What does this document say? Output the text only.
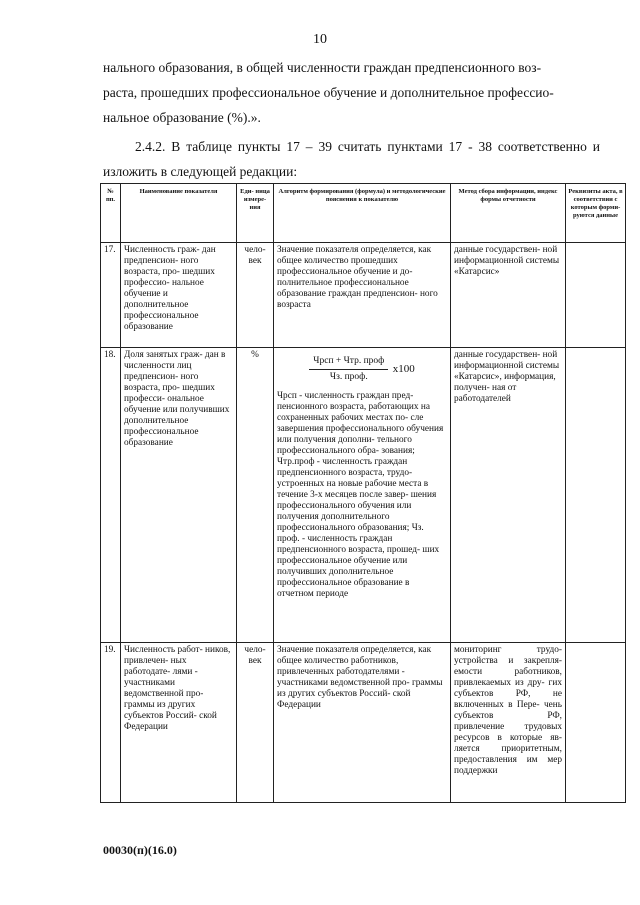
10

нального образования, в общей численности граждан предпенсионного воз-

раста, прошедших профессиональное обучение и дополнительное профессио-

нальное образование (%).».

2.4.2. В таблице пункты 17 – 39 считать пунктами 17 - 38 соответственно и изложить в следующей редакции:

№ пп.	Наименование показателя	Еди- ница измере- ния	Алгоритм формирования (формула) и методологические пояснения к показателю	Метод сбора информации, индекс формы отчетности	Реквизиты акта, в соответствии с которым форми- руются данные
17.	Численность граж- дан предпенсион- ного возраста, про- шедших профессио- нальное обучение и дополнительное профессиональное образование	чело- век	Значение показателя определяется, как общее количество прошедших профессиональное обучение и до- полнительное профессиональное образование граждан предпенсион- ного возраста	данные государствен- ной информационной системы «Катарсис»	
18.	Доля занятых граж- дан в численности лиц предпенсион- ного возраста, про- шедших професси- ональное обучение или получивших дополнительное профессиональное образование	%	$\frac{\text{Чрсп + Чтр. проф}}{\text{Чз. проф.}} x100$
Чрсп - численность граждан пред- пенсионного возраста, работающих на сохраненных рабочих местах по- сле завершения профессионального обучения или получения дополни- тельного профессионального обра- зования; Чтр.проф - численность граждан предпенсионного возраста, трудо- устроенных на новые рабочие места в течение 3-х месяцев после завер- шения профессионального обучения или получения дополнительного профессионального образования; Чз. проф. - численность граждан предпенсионного возраста, прошед- ших профессиональное обучение или получивших дополнительное профессиональное образование в отчетном периоде	данные государствен- ной информационной системы «Катарсис», информация, получен- ная от работодателей	
19.	Численность работ- ников, привлечен- ных работодате- лями - участниками ведомственной про- граммы из других субъектов Россий- ской Федерации	чело- век	Значение показателя определяется, как общее количество работников, привлеченных работодателями - участниками ведомственной про- граммы из других субъектов Россий- ской Федерации	мониторинг трудо- устройства и закрепля- емости работников, привлекаемых из дру- гих субъектов РФ, не включенных в Пере- чень субъектов РФ, привлечение трудовых ресурсов в которые яв- ляется приоритетным, предоставления им мер поддержки	
00030(п)(16.0)
